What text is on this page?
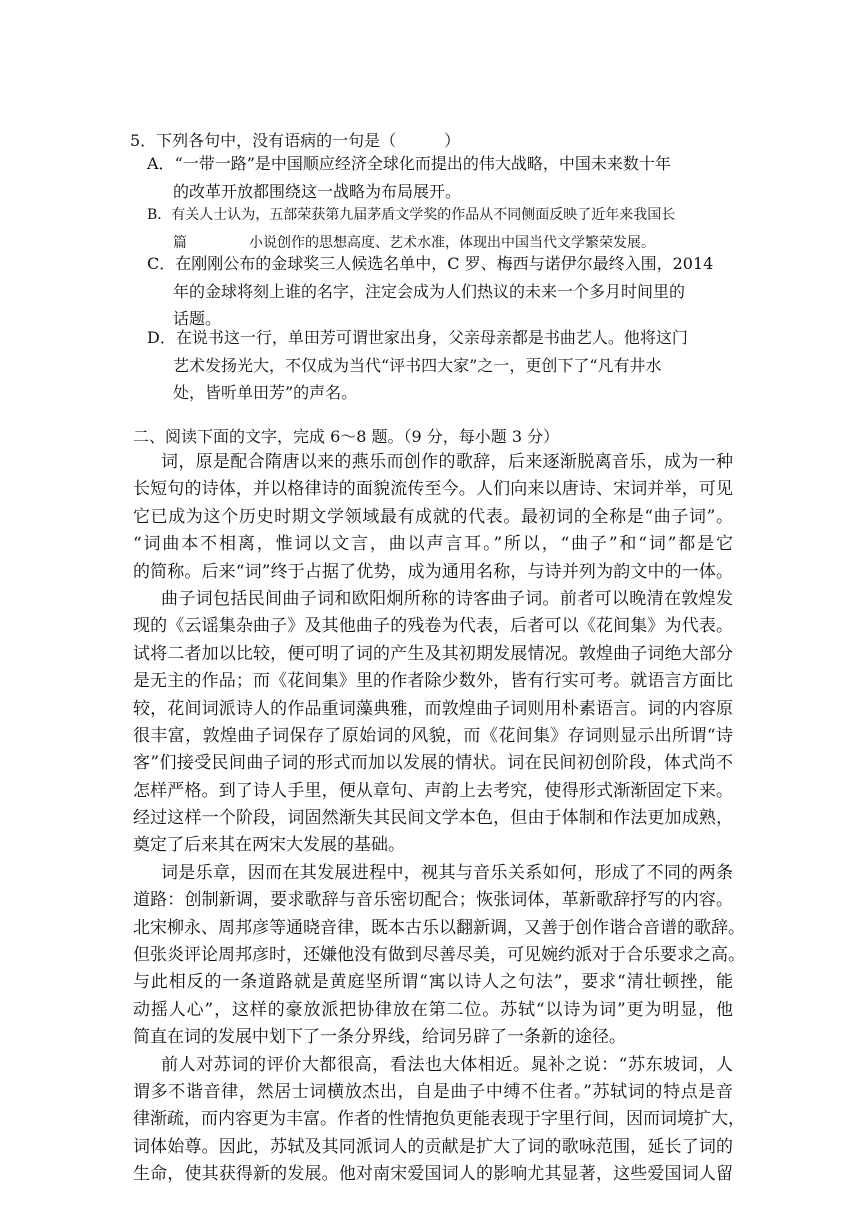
5．下列各句中，没有语病的一句是（　　　）
A．“一带一路”是中国顺应经济全球化而提出的伟大战略，中国未来数十年
的改革开放都围绕这一战略为布局展开。
B．有关人士认为，五部荣获第九届茅盾文学奖的作品从不同侧面反映了近年来我国长
篇	小说创作的思想高度、艺术水准，体现出中国当代文学繁荣发展。
C．在刚刚公布的金球奖三人候选名单中，C 罗、梅西与诺伊尔最终入围，2014
年的金球将刻上谁的名字，注定会成为人们热议的未来一个多月时间里的
话题。
D．在说书这一行，单田芳可谓世家出身，父亲母亲都是书曲艺人。他将这门
艺术发扬光大，不仅成为当代“评书四大家”之一，更创下了“凡有井水
处，皆听单田芳”的声名。
二、阅读下面的文字，完成 6～8 题。（9 分，每小题 3 分）
词，原是配合隋唐以来的燕乐而创作的歌辞，后来逐渐脱离音乐，成为一种
长短句的诗体，并以格律诗的面貌流传至今。人们向来以唐诗、宋词并举，可见
它已成为这个历史时期文学领域最有成就的代表。最初词的全称是“曲子词”。
“词曲本不相离，惟词以文言，曲以声言耳。”所以，“曲子”和“词”都是它
的简称。后来“词”终于占据了优势，成为通用名称，与诗并列为韵文中的一体。
曲子词包括民间曲子词和欧阳炯所称的诗客曲子词。前者可以晚清在敦煌发
现的《云谣集杂曲子》及其他曲子的残卷为代表，后者可以《花间集》为代表。
试将二者加以比较，便可明了词的产生及其初期发展情况。敦煌曲子词绝大部分
是无主的作品；而《花间集》里的作者除少数外，皆有行实可考。就语言方面比
较，花间词派诗人的作品重词藻典雅，而敦煌曲子词则用朴素语言。词的内容原
很丰富，敦煌曲子词保存了原始词的风貌，而《花间集》存词则显示出所谓“诗
客”们接受民间曲子词的形式而加以发展的情状。词在民间初创阶段，体式尚不
怎样严格。到了诗人手里，便从章句、声韵上去考究，使得形式渐渐固定下来。
经过这样一个阶段，词固然渐失其民间文学本色，但由于体制和作法更加成熟，
奠定了后来其在两宋大发展的基础。
词是乐章，因而在其发展进程中，视其与音乐关系如何，形成了不同的两条
道路：创制新调，要求歌辞与音乐密切配合；恢张词体，革新歌辞抒写的内容。
北宋柳永、周邦彦等通晓音律，既本古乐以翻新调，又善于创作谐合音谱的歌辞。
但张炎评论周邦彦时，还嫌他没有做到尽善尽美，可见婉约派对于合乐要求之高。
与此相反的一条道路就是黄庭坚所谓“寓以诗人之句法”，要求“清壮顿挫，能
动摇人心”，这样的豪放派把协律放在第二位。苏轼“以诗为词”更为明显，他
简直在词的发展中划下了一条分界线，给词另辟了一条新的途径。
前人对苏词的评价大都很高，看法也大体相近。晁补之说：“苏东坡词，人
谓多不谐音律，然居士词横放杰出，自是曲子中缚不住者。”苏轼词的特点是音
律渐疏，而内容更为丰富。作者的性情抱负更能表现于字里行间，因而词境扩大，
词体始尊。因此，苏轼及其同派词人的贡献是扩大了词的歌咏范围，延长了词的
生命，使其获得新的发展。他对南宋爱国词人的影响尤其显著，这些爱国词人留
